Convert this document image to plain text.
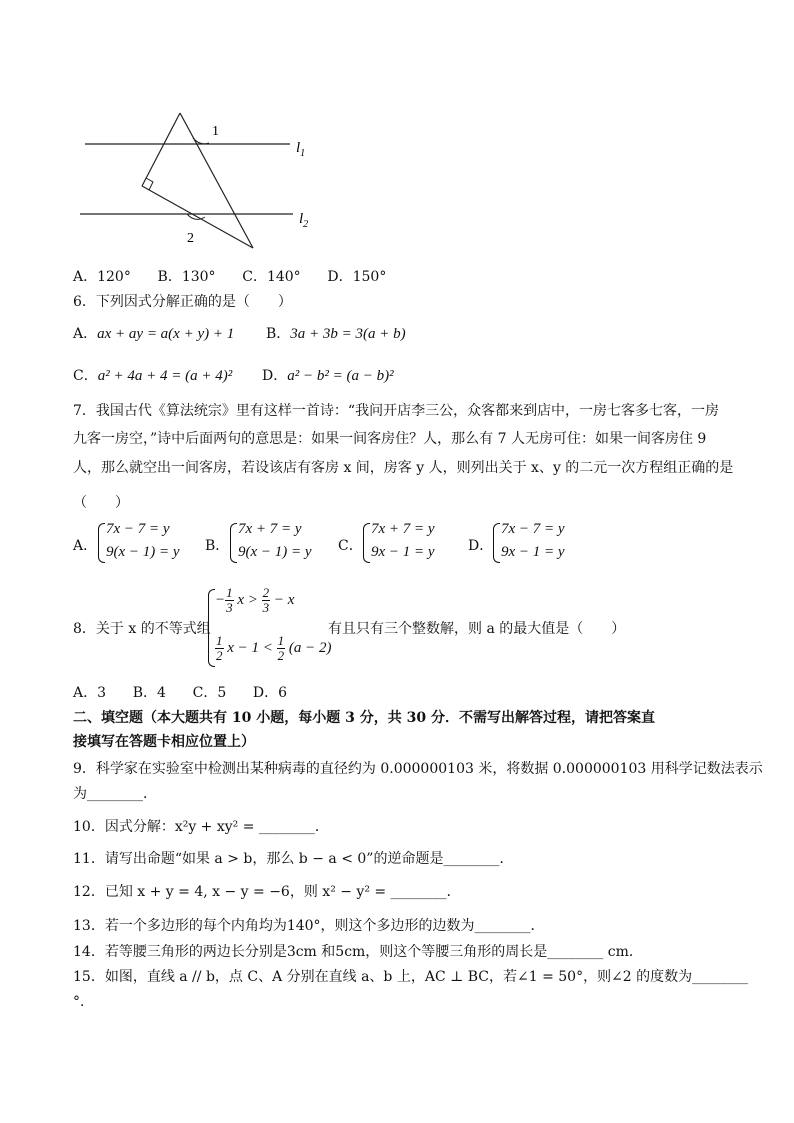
1
2
$l_1$
$l_2$
A．120°      B．130°      C．140°      D．150°
6．下列因式分解正确的是（　　）
A．ax + ay = a(x + y) + 1 B．3a + 3b = 3(a + b)
C．a² + 4a + 4 = (a + 4)² D．a² − b² = (a − b)²
7．我国古代《算法统宗》里有这样一首诗：“我问开店李三公，众客都来到店中，一房七客多七客，一房
九客一房空，”诗中后面两句的意思是：如果一间客房住？人，那么有 7 人无房可住：如果一间客房住 9
人，那么就空出一间客房，若设该店有客房 x 间，房客 y 人，则列出关于 x、y 的二元一次方程组正确的是
（　　）
A．
7x − 7 = y
9(x − 1) = y B．
7x + 7 = y
9(x − 1) = y C．
7x + 7 = y
9x − 1 = y D．
7x − 7 = y
9x − 1 = y
8．关于 x 的不等式组
− $\frac{1}{3}$ $x > \frac{2}{3} - x$
$\frac{1}{2}$ $x - 1 < \frac{1}{2} (a - 2)$
有且只有三个整数解，则 a 的最大值是（　　）
A．3      B．4      C．5      D．6
二、填空题（本大题共有 10 小题，每小题 3 分，共 30 分．不需写出解答过程，请把答案直
接填写在答题卡相应位置上）
9．科学家在实验室中检测出某种病毒的直径约为 0.000000103 米，将数据 0.000000103 用科学记数法表示
为________．
10．因式分解：x²y + xy² = ________．
11．请写出命题“如果 a > b，那么 b − a < 0”的逆命题是________．
12．已知 x + y = 4, x − y = −6，则 x² − y² = ________．
13．若一个多边形的每个内角均为140°，则这个多边形的边数为________．
14．若等腰三角形的两边长分别是3cm 和5cm，则这个等腰三角形的周长是________ cm．
15．如图，直线 a // b，点 C、A 分别在直线 a、b 上，AC ⊥ BC，若∠1 = 50°，则∠2 的度数为________
°．
